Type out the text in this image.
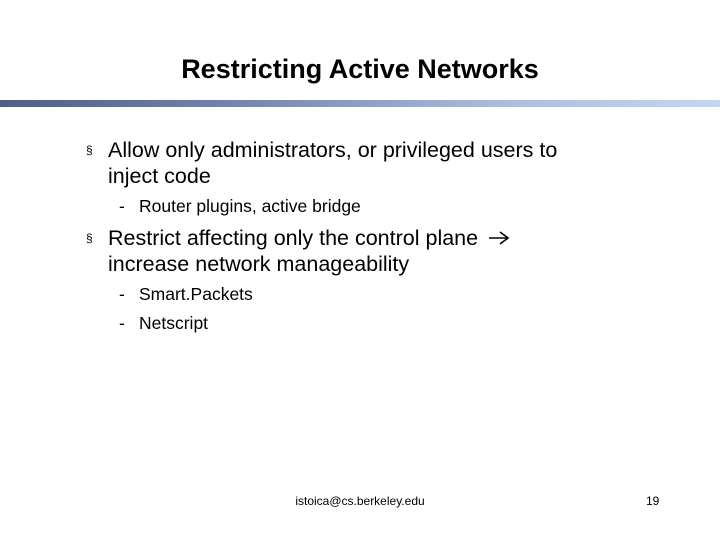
Restricting Active Networks
§ Allow only administrators, or privileged users to
inject code
- Router plugins, active bridge
§ Restrict affecting only the control plane
increase network manageability
- Smart.Packets
- Netscript
istoica@cs.berkeley.edu	19
